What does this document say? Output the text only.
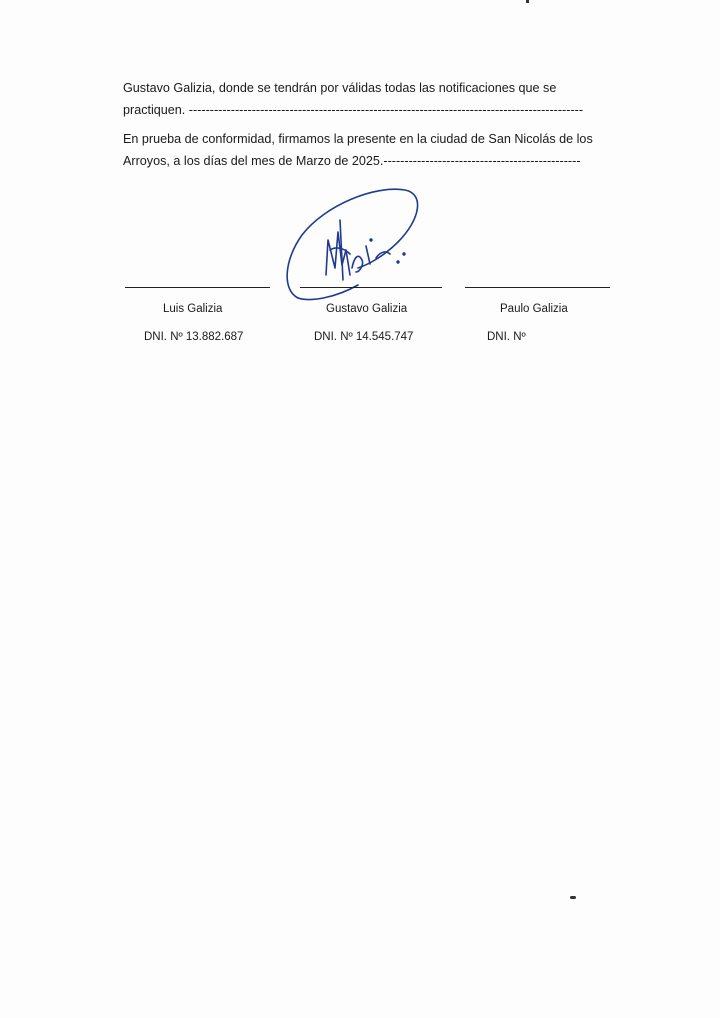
Gustavo Galizia, donde se tendrán por válidas todas las notificaciones que se
practiquen. ----------------------------------------------------------------------------------------------
En prueba de conformidad, firmamos la presente en la ciudad de San Nicolás de los
Arroyos, a los días del mes de Marzo de 2025.-----------------------------------------------
Luis Galizia	Gustavo Galizia	Paulo Galizia
DNI. Nº 13.882.687	DNI. Nº 14.545.747	DNI. Nº
